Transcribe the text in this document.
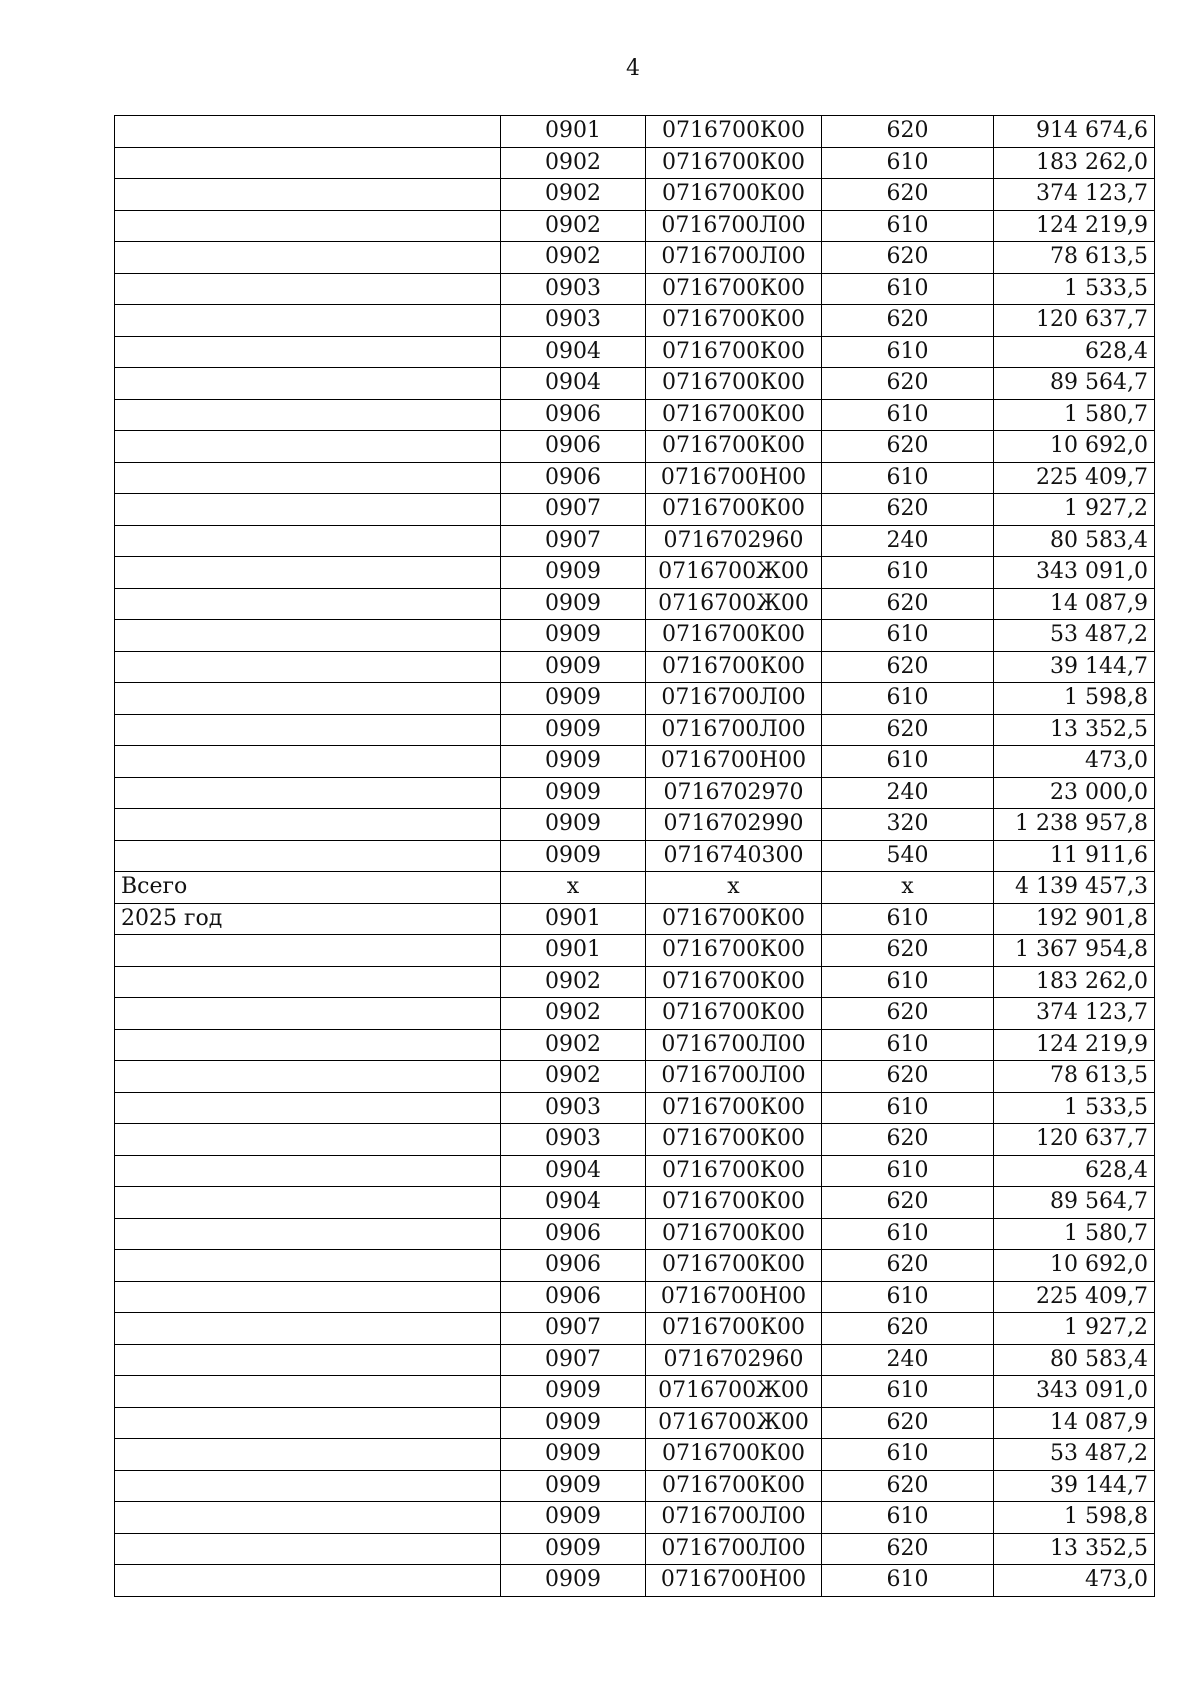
4
	0901	0716700К00	620	914 674,6
	0902	0716700К00	610	183 262,0
	0902	0716700К00	620	374 123,7
	0902	0716700Л00	610	124 219,9
	0902	0716700Л00	620	78 613,5
	0903	0716700К00	610	1 533,5
	0903	0716700К00	620	120 637,7
	0904	0716700К00	610	628,4
	0904	0716700К00	620	89 564,7
	0906	0716700К00	610	1 580,7
	0906	0716700К00	620	10 692,0
	0906	0716700Н00	610	225 409,7
	0907	0716700К00	620	1 927,2
	0907	0716702960	240	80 583,4
	0909	0716700Ж00	610	343 091,0
	0909	0716700Ж00	620	14 087,9
	0909	0716700К00	610	53 487,2
	0909	0716700К00	620	39 144,7
	0909	0716700Л00	610	1 598,8
	0909	0716700Л00	620	13 352,5
	0909	0716700Н00	610	473,0
	0909	0716702970	240	23 000,0
	0909	0716702990	320	1 238 957,8
	0909	0716740300	540	11 911,6
Всего	х	х	х	4 139 457,3
2025 год	0901	0716700К00	610	192 901,8
	0901	0716700К00	620	1 367 954,8
	0902	0716700К00	610	183 262,0
	0902	0716700К00	620	374 123,7
	0902	0716700Л00	610	124 219,9
	0902	0716700Л00	620	78 613,5
	0903	0716700К00	610	1 533,5
	0903	0716700К00	620	120 637,7
	0904	0716700К00	610	628,4
	0904	0716700К00	620	89 564,7
	0906	0716700К00	610	1 580,7
	0906	0716700К00	620	10 692,0
	0906	0716700Н00	610	225 409,7
	0907	0716700К00	620	1 927,2
	0907	0716702960	240	80 583,4
	0909	0716700Ж00	610	343 091,0
	0909	0716700Ж00	620	14 087,9
	0909	0716700К00	610	53 487,2
	0909	0716700К00	620	39 144,7
	0909	0716700Л00	610	1 598,8
	0909	0716700Л00	620	13 352,5
	0909	0716700Н00	610	473,0
